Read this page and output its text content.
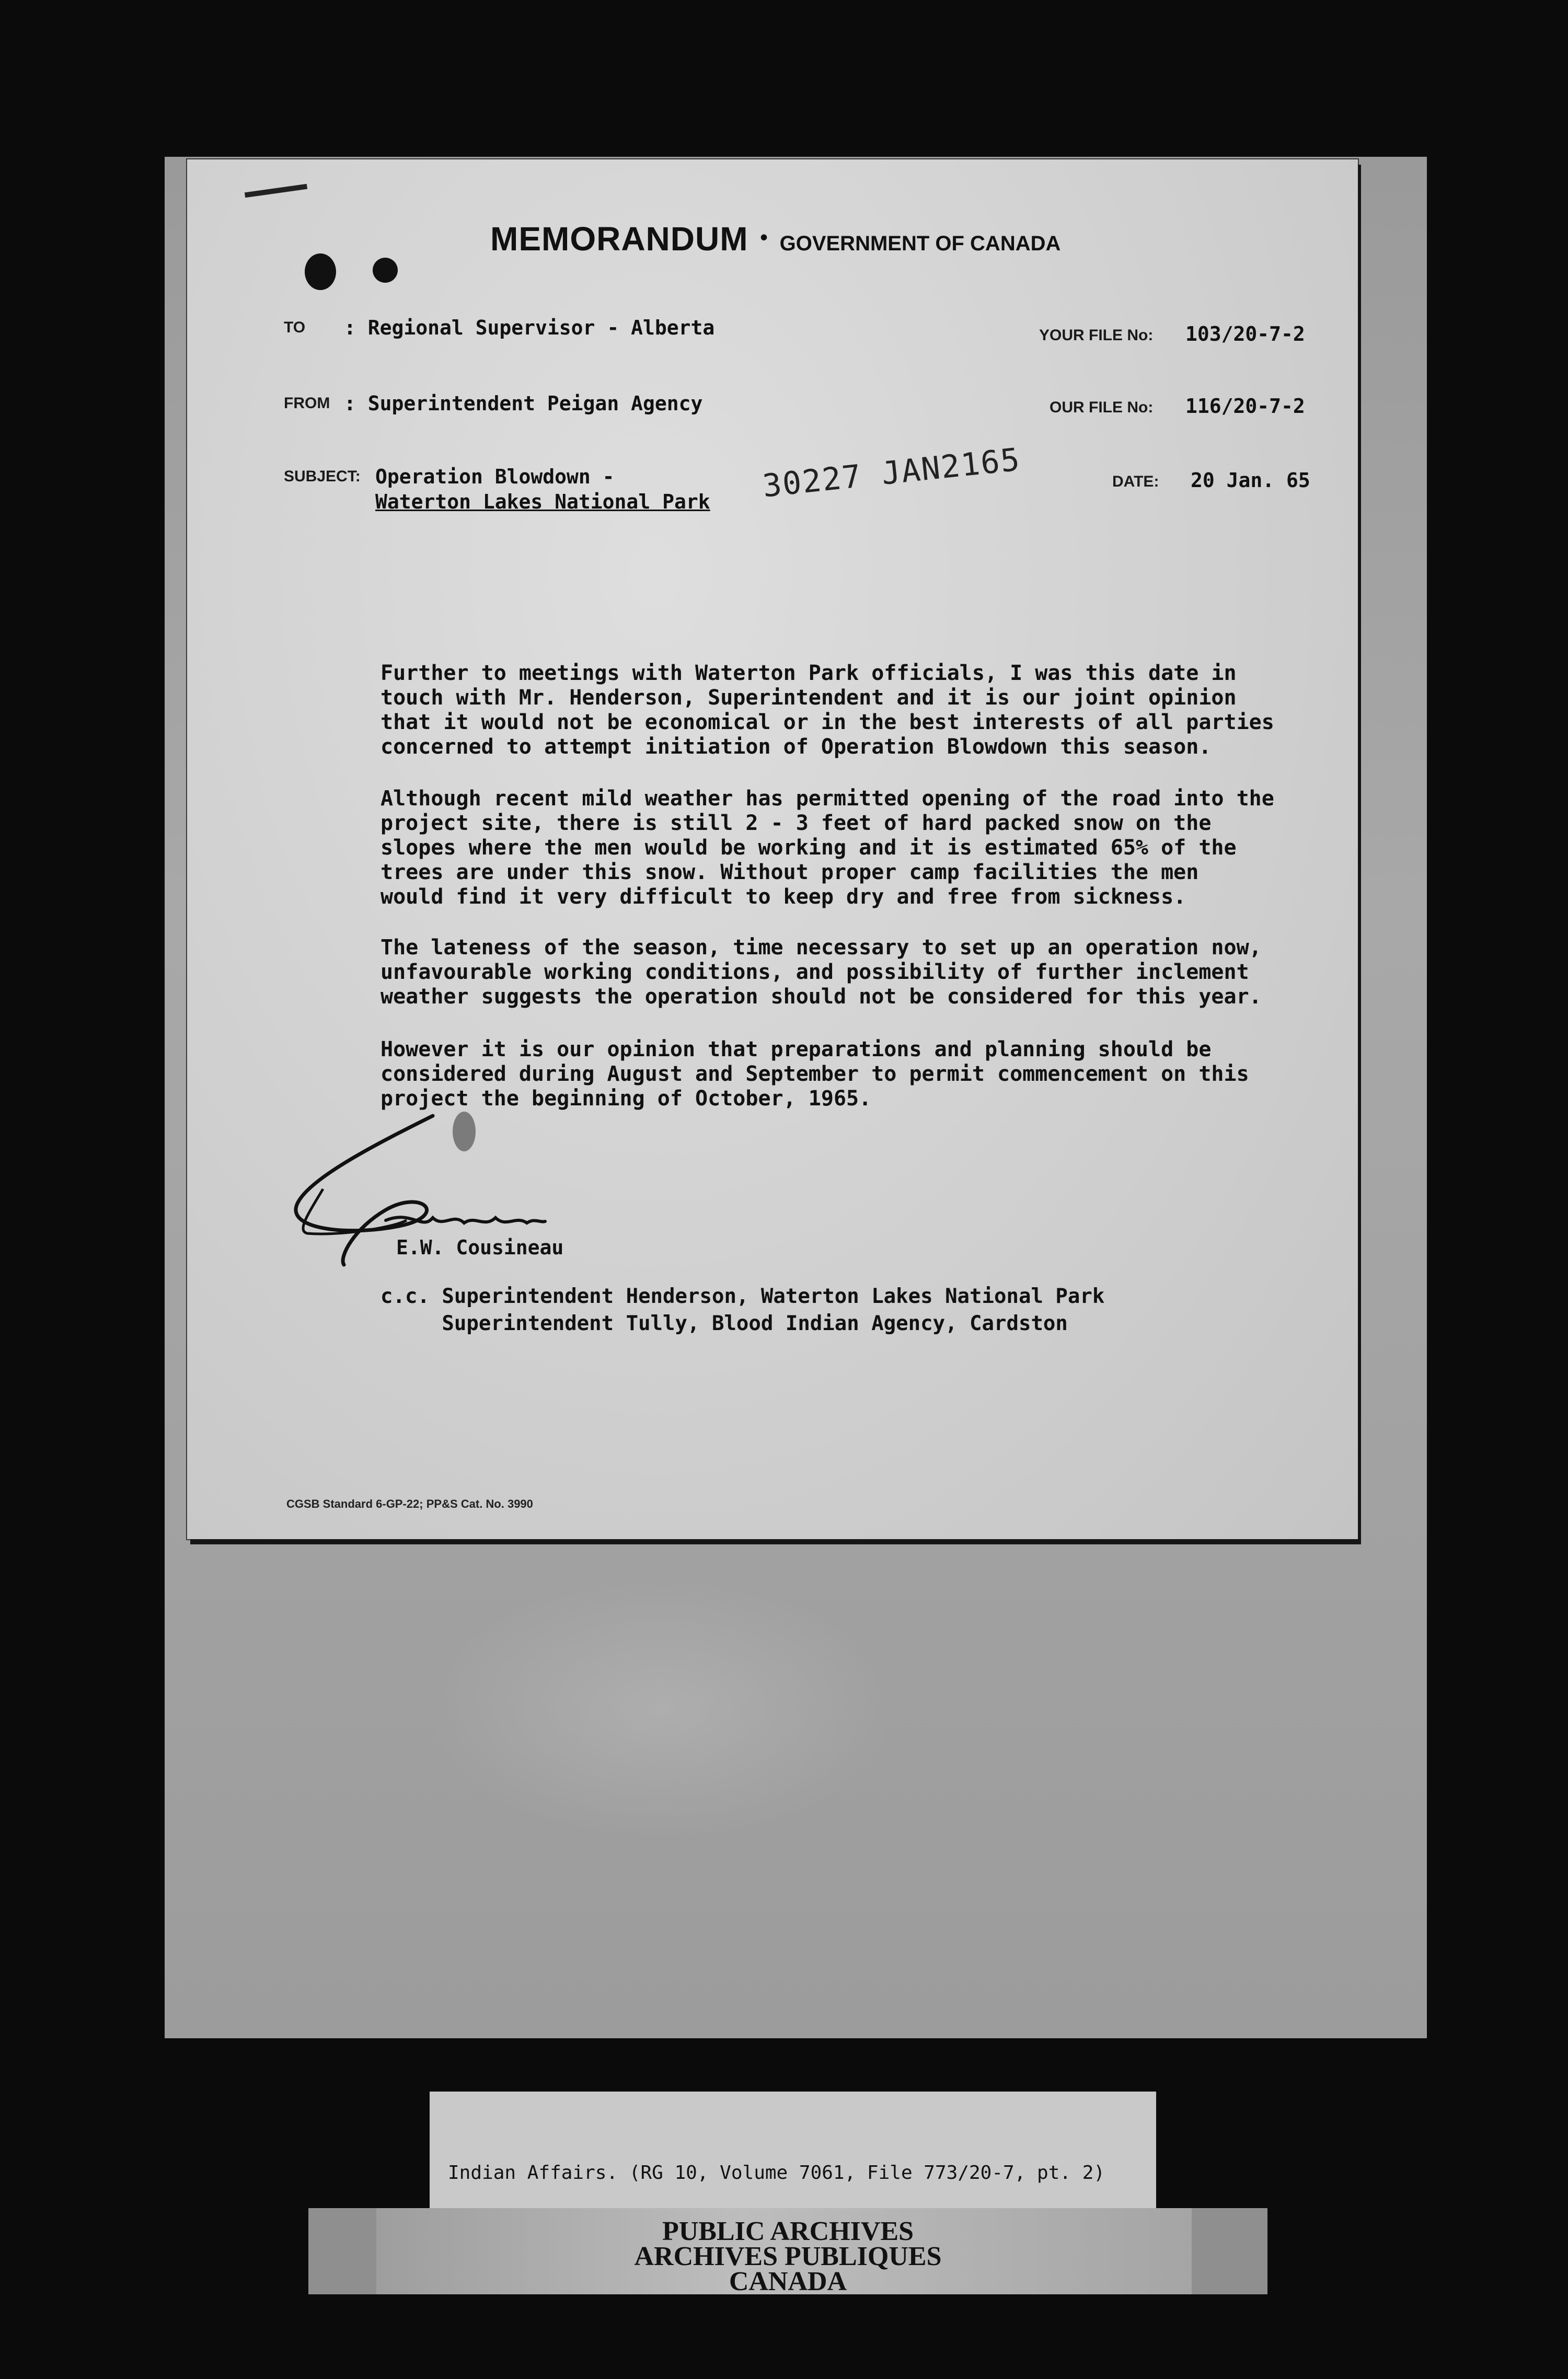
MEMORANDUM • GOVERNMENT OF CANADA
TO : Regional Supervisor - Alberta
FROM : Superintendent Peigan Agency
SUBJECT: Operation Blowdown -
Waterton Lakes National Park
YOUR FILE No: 103/20-7-2
OUR FILE No: 116/20-7-2
DATE: 20 Jan. 65
30227 JAN2165

Further to meetings with Waterton Park officials, I was this date in
touch with Mr. Henderson, Superintendent and it is our joint opinion
that it would not be economical or in the best interests of all parties
concerned to attempt initiation of Operation Blowdown this season.

Although recent mild weather has permitted opening of the road into the
project site, there is still 2 - 3 feet of hard packed snow on the
slopes where the men would be working and it is estimated 65% of the
trees are under this snow. Without proper camp facilities the men
would find it very difficult to keep dry and free from sickness.

The lateness of the season, time necessary to set up an operation now,
unfavourable working conditions, and possibility of further inclement
weather suggests the operation should not be considered for this year.

However it is our opinion that preparations and planning should be
considered during August and September to permit commencement on this
project the beginning of October, 1965.

E.W. Cousineau
c.c. Superintendent Henderson, Waterton Lakes National Park
Superintendent Tully, Blood Indian Agency, Cardston
CGSB Standard 6-GP-22; PP&S Cat. No. 3990
Indian Affairs. (RG 10, Volume 7061, File 773/20-7, pt. 2)
PUBLIC ARCHIVES
ARCHIVES PUBLIQUES
CANADA
